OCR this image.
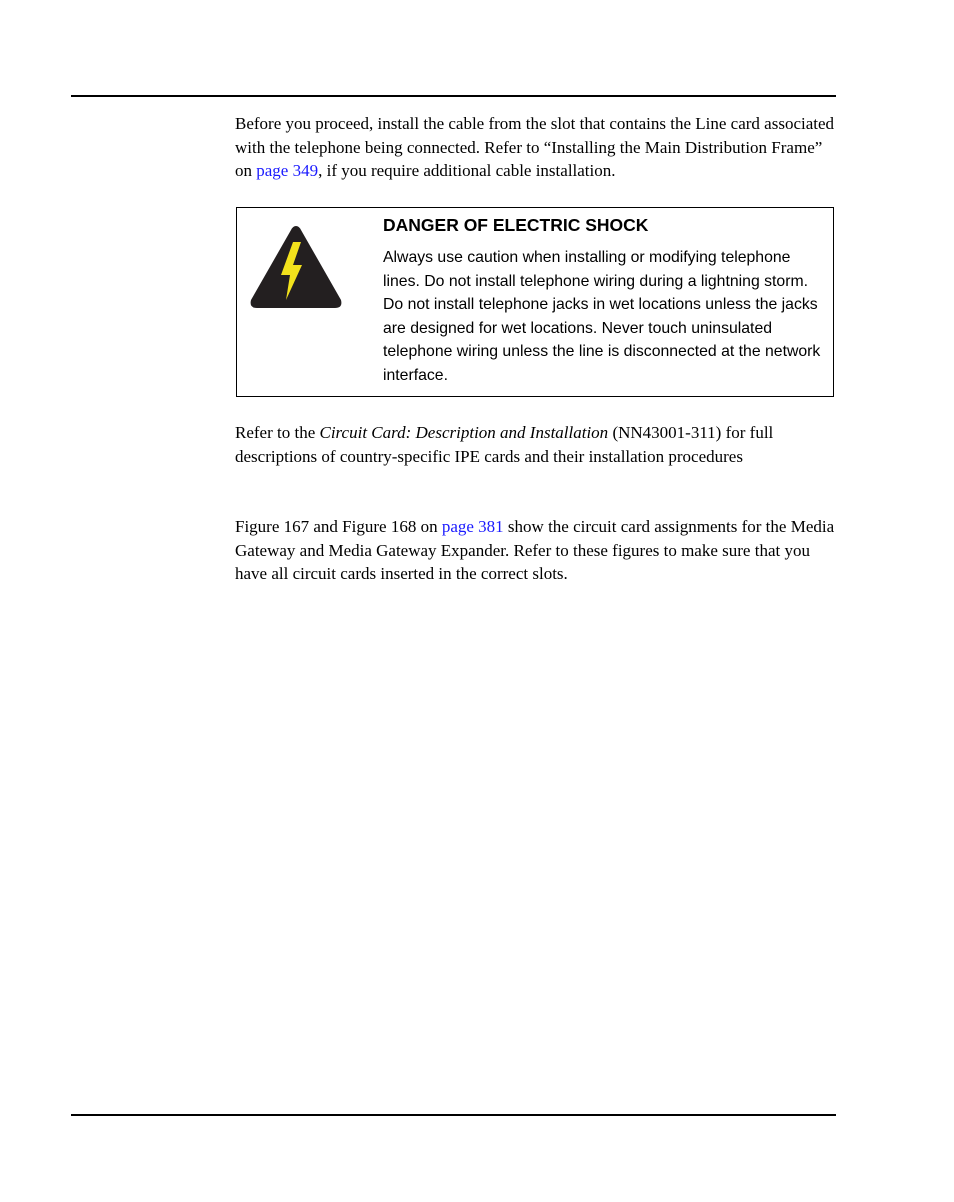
Before you proceed, install the cable from the slot that contains the Line card associated with the telephone being connected. Refer to “Installing the Main Distribution Frame” on page 349, if you require additional cable installation.

DANGER OF ELECTRIC SHOCK

Always use caution when installing or modifying telephone lines. Do not install telephone wiring during a lightning storm. Do not install telephone jacks in wet locations unless the jacks are designed for wet locations. Never touch uninsulated telephone wiring unless the line is disconnected at the network interface.

Refer to the Circuit Card: Description and Installation (NN43001-311) for full descriptions of country-specific IPE cards and their installation procedures

Figure 167 and Figure 168 on page 381 show the circuit card assignments for the Media Gateway and Media Gateway Expander. Refer to these figures to make sure that you have all circuit cards inserted in the correct slots.
